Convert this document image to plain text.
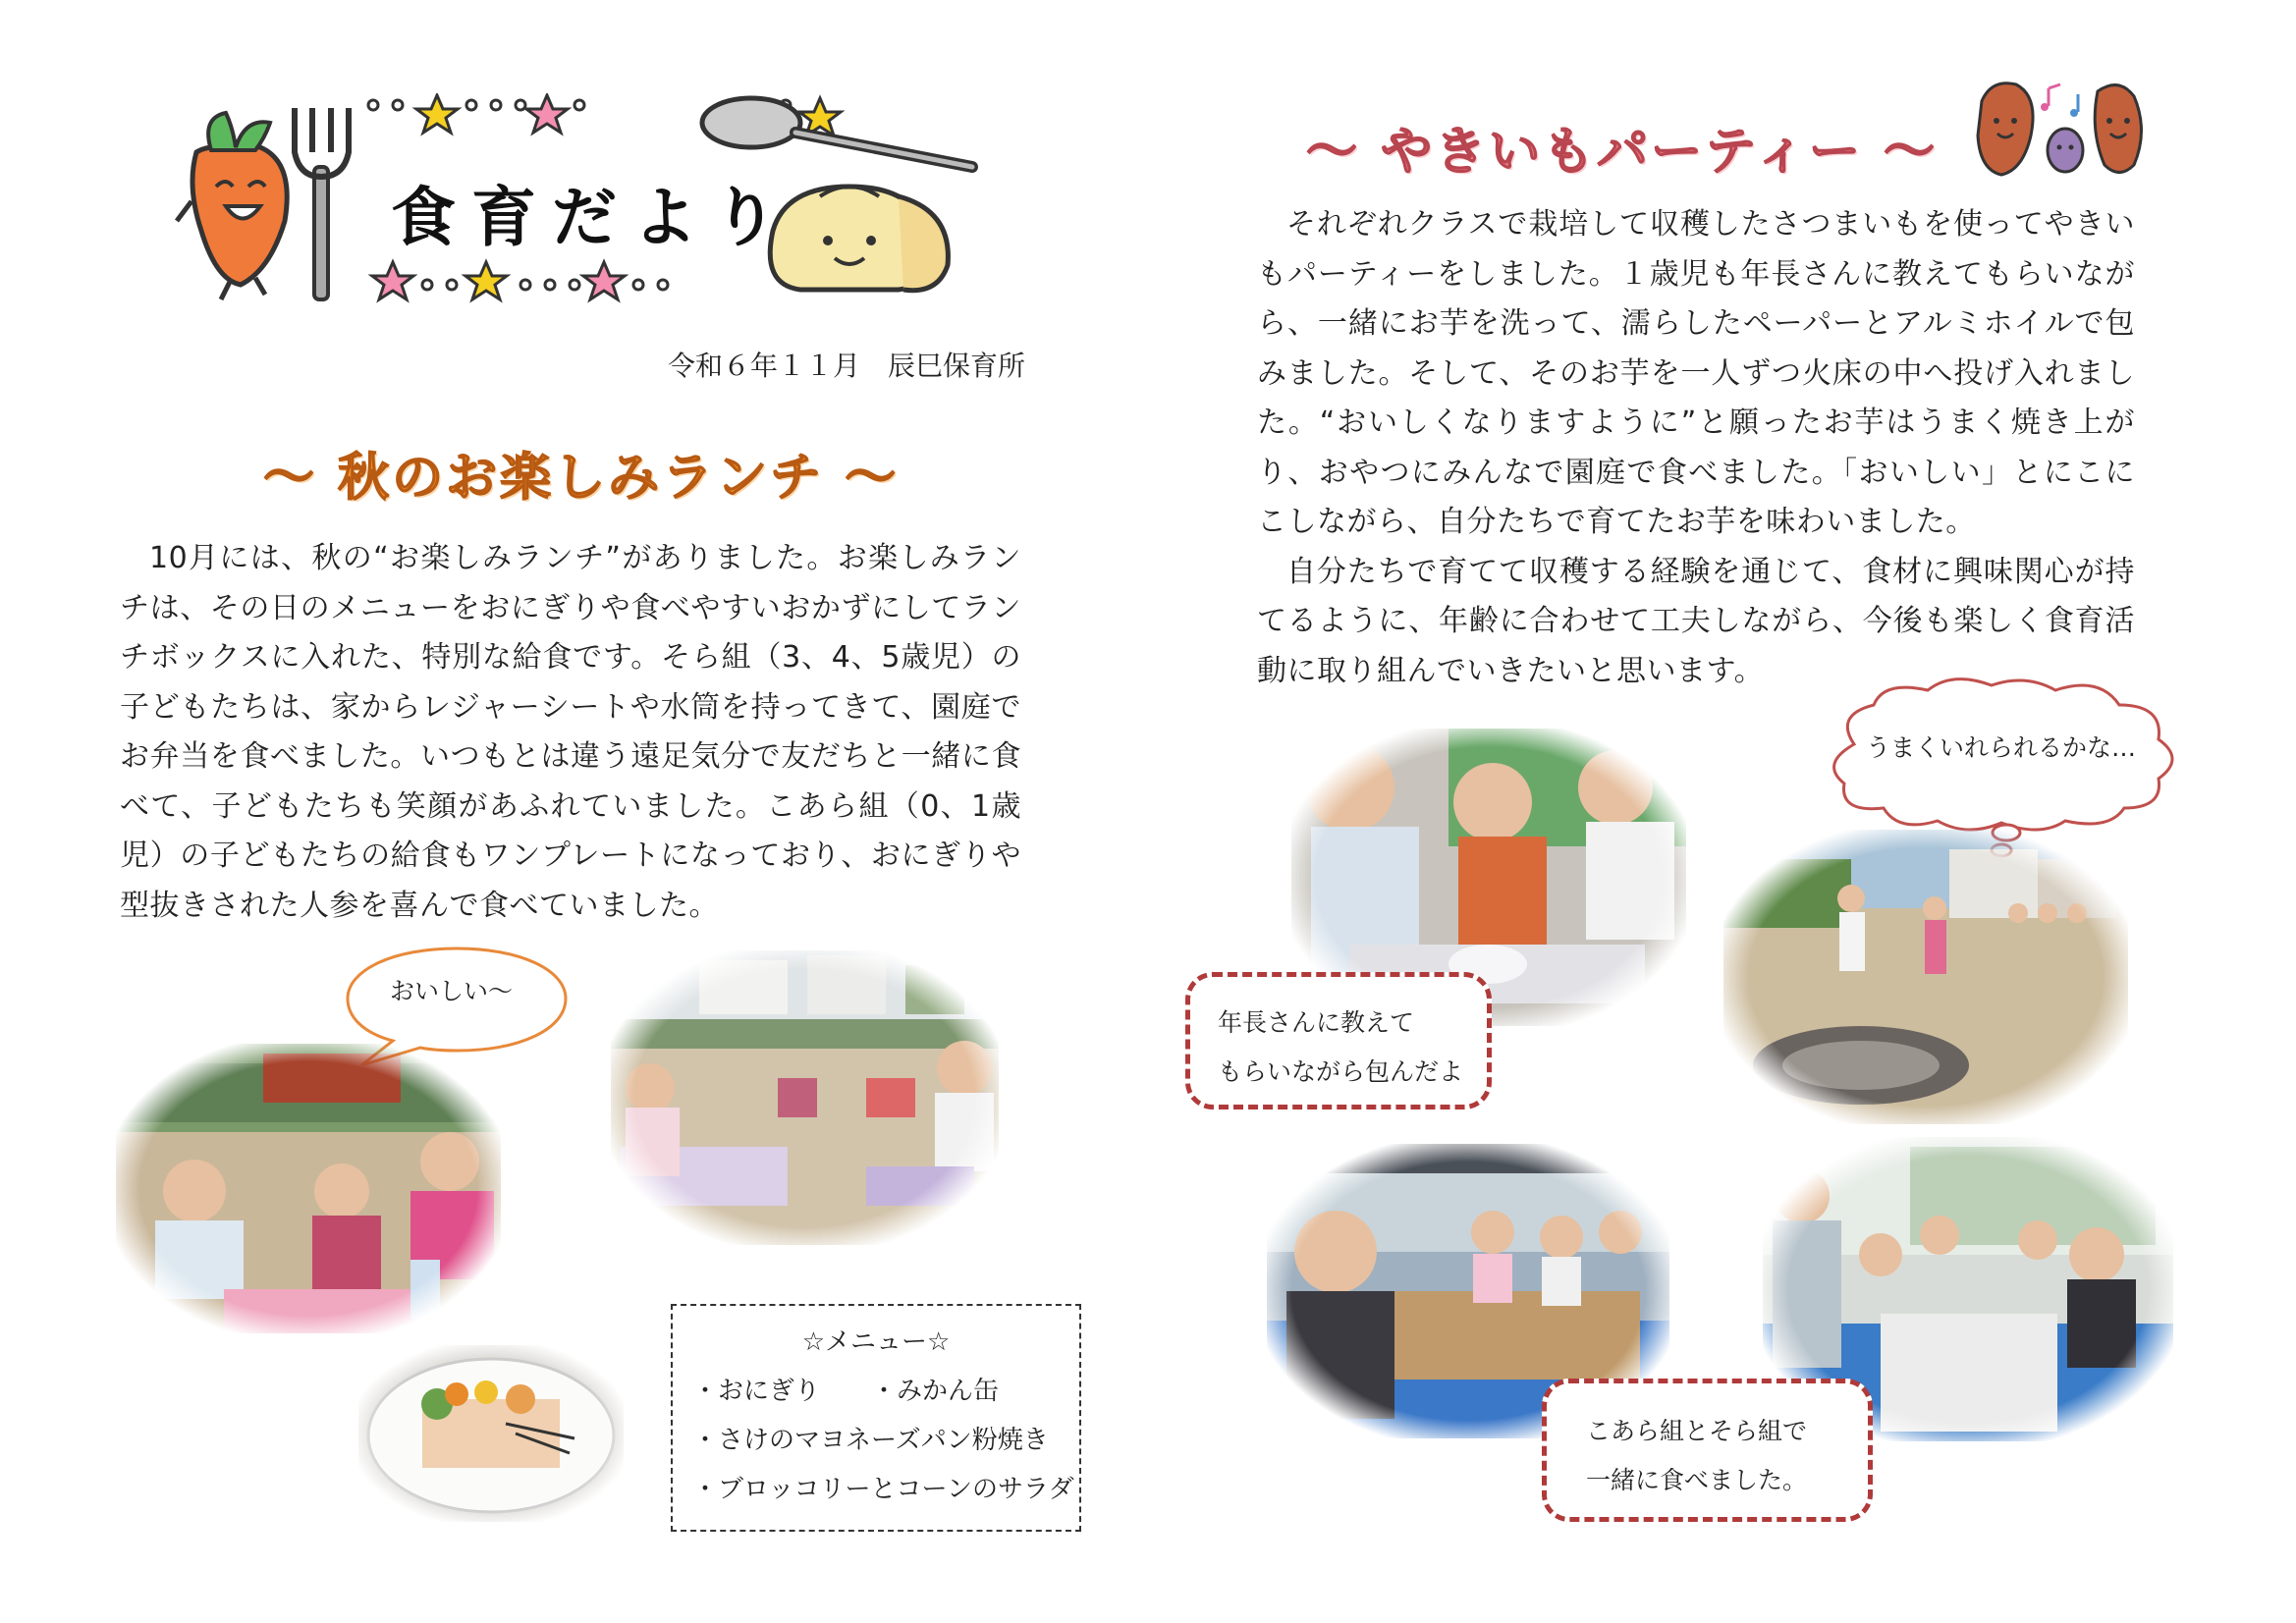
食育だより
令和６年１１月　辰巳保育所
～ 秋のお楽しみランチ ～

10月には、秋の“お楽しみランチ”がありました。お楽しみランチは、その日のメニューをおにぎりや食べやすいおかずにしてランチボックスに入れた、特別な給食です。そら組（3、4、5歳児）の子どもたちは、家からレジャーシートや水筒を持ってきて、園庭でお弁当を食べました。いつもとは違う遠足気分で友だちと一緒に食べて、子どもたちも笑顔があふれていました。こあら組（0、1歳児）の子どもたちの給食もワンプレートになっており、おにぎりや型抜きされた人参を喜んで食べていました。

おいしい～
☆メニュー☆
・おにぎり　　・みかん缶
・さけのマヨネーズパン粉焼き
・ブロッコリーとコーンのサラダ
～ やきいもパーティー ～

それぞれクラスで栽培して収穫したさつまいもを使ってやきいもパーティーをしました。１歳児も年長さんに教えてもらいながら、一緒にお芋を洗って、濡らしたペーパーとアルミホイルで包みました。そして、そのお芋を一人ずつ火床の中へ投げ入れました。“おいしくなりますように”と願ったお芋はうまく焼き上がり、おやつにみんなで園庭で食べました。「おいしい」とにこにこしながら、自分たちで育てたお芋を味わいました。

自分たちで育てて収穫する経験を通じて、食材に興味関心が持てるように、年齢に合わせて工夫しながら、今後も楽しく食育活動に取り組んでいきたいと思います。

うまくいれられるかな…
年長さんに教えて
もらいながら包んだよ
こあら組とそら組で
一緒に食べました。
